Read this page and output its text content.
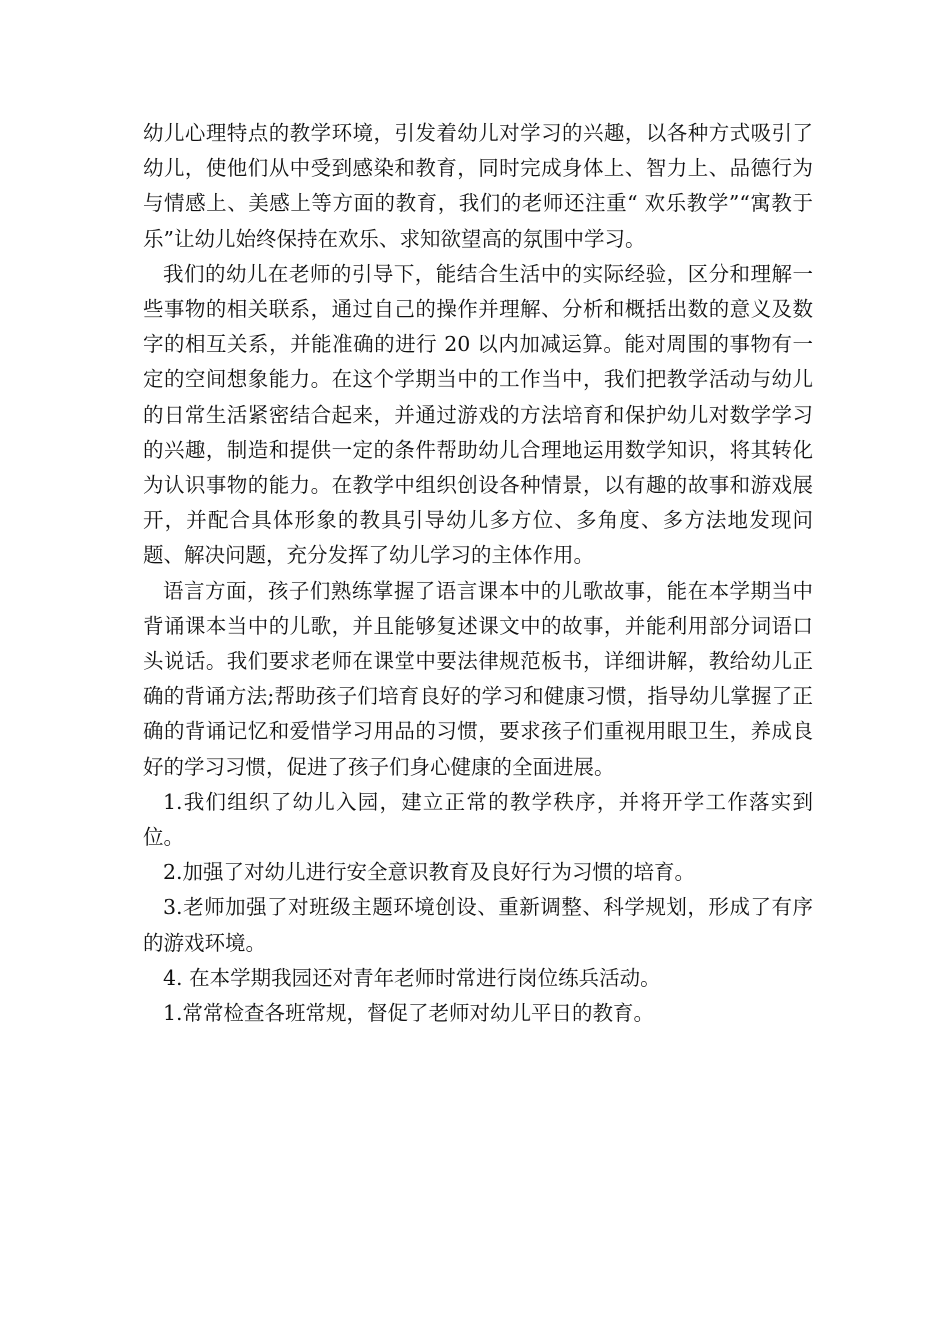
幼儿心理特点的教学环境，引发着幼儿对学习的兴趣，以各种方式吸引了幼儿，使他们从中受到感染和教育，同时完成身体上、智力上、品德行为与情感上、美感上等方面的教育，我们的老师还注重“ 欢乐教学”“寓教于乐”让幼儿始终保持在欢乐、求知欲望高的氛围中学习。

我们的幼儿在老师的引导下，能结合生活中的实际经验，区分和理解一些事物的相关联系，通过自己的操作并理解、分析和概括出数的意义及数字的相互关系，并能准确的进行 20 以内加减运算。能对周围的事物有一定的空间想象能力。在这个学期当中的工作当中，我们把教学活动与幼儿的日常生活紧密结合起来，并通过游戏的方法培育和保护幼儿对数学学习的兴趣，制造和提供一定的条件帮助幼儿合理地运用数学知识，将其转化为认识事物的能力。在教学中组织创设各种情景，以有趣的故事和游戏展开，并配合具体形象的教具引导幼儿多方位、多角度、多方法地发现问题、解决问题，充分发挥了幼儿学习的主体作用。

语言方面，孩子们熟练掌握了语言课本中的儿歌故事，能在本学期当中背诵课本当中的儿歌，并且能够复述课文中的故事，并能利用部分词语口头说话。我们要求老师在课堂中要法律规范板书，详细讲解，教给幼儿正确的背诵方法;帮助孩子们培育良好的学习和健康习惯，指导幼儿掌握了正确的背诵记忆和爱惜学习用品的习惯，要求孩子们重视用眼卫生，养成良好的学习习惯，促进了孩子们身心健康的全面进展。

1.我们组织了幼儿入园，建立正常的教学秩序，并将开学工作落实到位。

2.加强了对幼儿进行安全意识教育及良好行为习惯的培育。

3.老师加强了对班级主题环境创设、重新调整、科学规划，形成了有序的游戏环境。

4. 在本学期我园还对青年老师时常进行岗位练兵活动。

1.常常检查各班常规，督促了老师对幼儿平日的教育。
